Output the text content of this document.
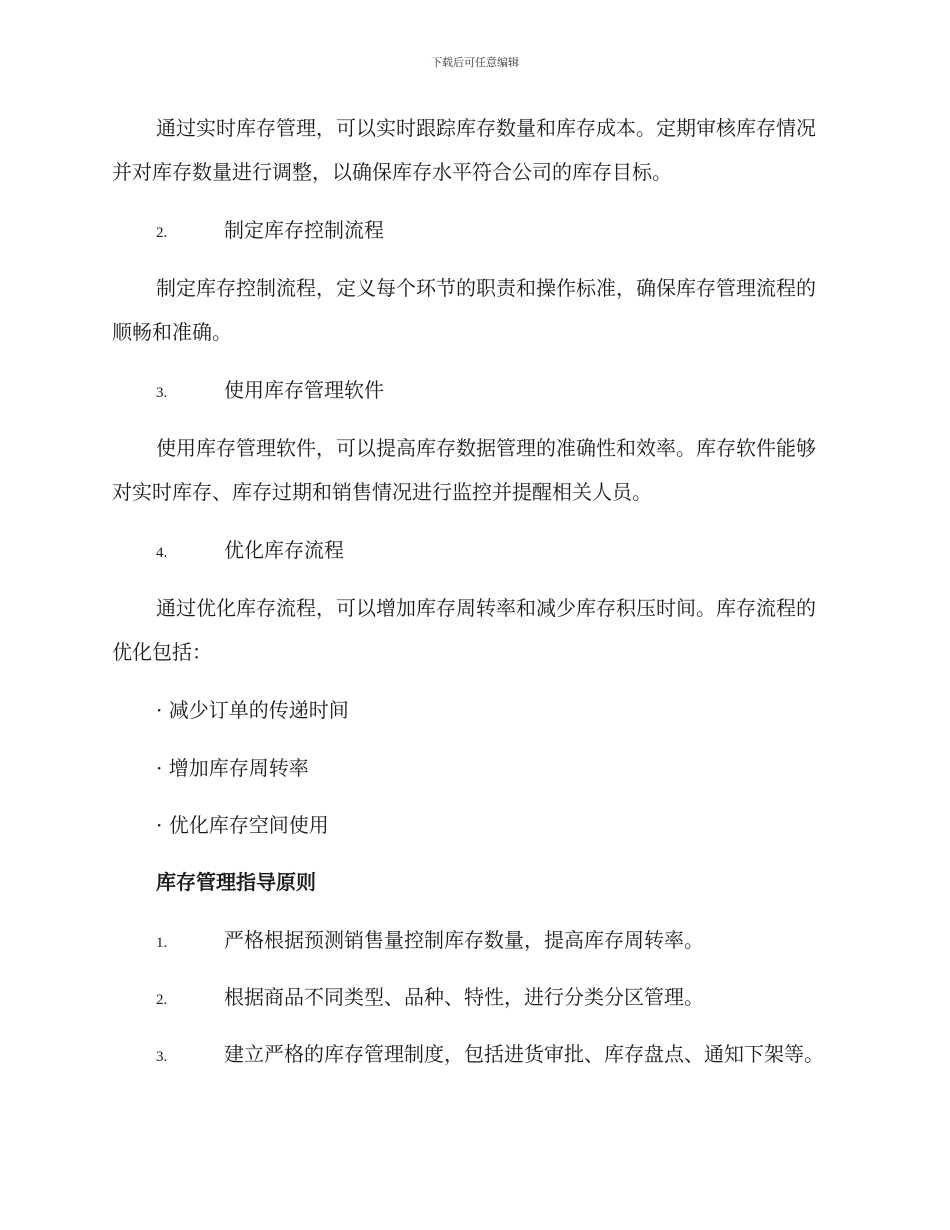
下载后可任意编辑

通过实时库存管理，可以实时跟踪库存数量和库存成本。定期审核库存情况并对库存数量进行调整，以确保库存水平符合公司的库存目标。

2.	制定库存控制流程

制定库存控制流程，定义每个环节的职责和操作标准，确保库存管理流程的顺畅和准确。

3.	使用库存管理软件

使用库存管理软件，可以提高库存数据管理的准确性和效率。库存软件能够对实时库存、库存过期和销售情况进行监控并提醒相关人员。

4.	优化库存流程

通过优化库存流程，可以增加库存周转率和减少库存积压时间。库存流程的优化包括：

· 减少订单的传递时间
· 增加库存周转率
· 优化库存空间使用
库存管理指导原则
1.	严格根据预测销售量控制库存数量，提高库存周转率。
2.	根据商品不同类型、品种、特性，进行分类分区管理。
3.	建立严格的库存管理制度，包括进货审批、库存盘点、通知下架等。
